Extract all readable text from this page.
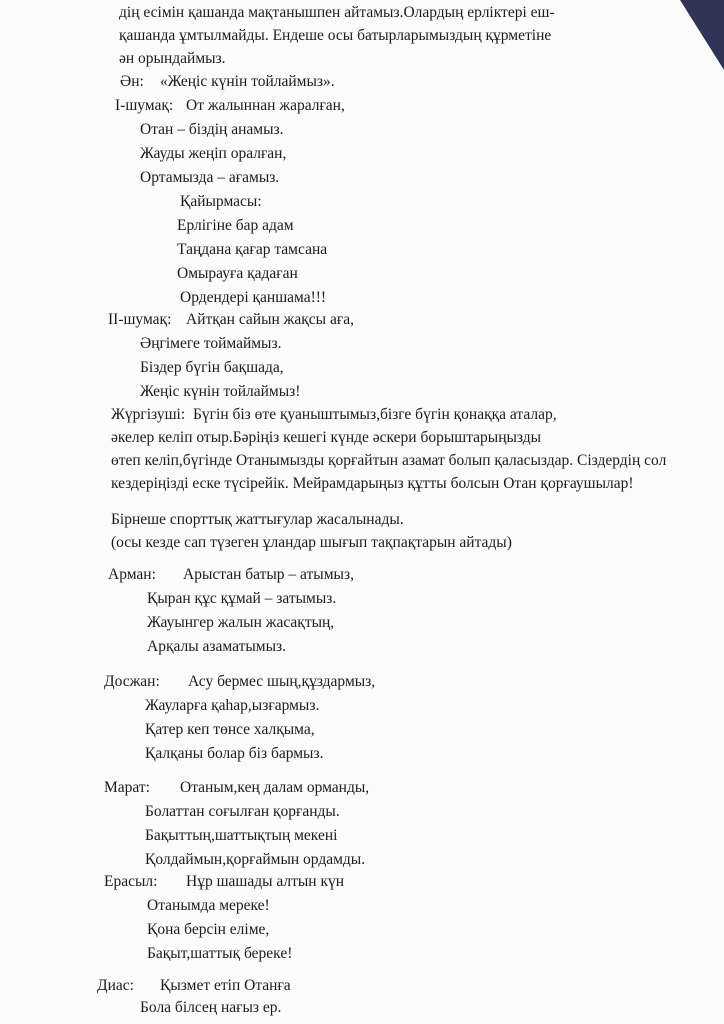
дің есімін қашанда мақтанышпен айтамыз.Олардың ерліктері еш-
қашанда ұмтылмайды. Ендеше осы батырларымыздың құрметіне
ән орындаймыз.
Ән: «Жеңіс күнін тойлаймыз».
І-шумақ: От жалыннан жаралған,
Отан – біздің анамыз.
Жауды жеңіп оралған,
Ортамызда – ағамыз.
Қайырмасы:
Ерлігіне бар адам
Таңдана қағар тамсана
Омырауға қадаған
Ордендері қаншама!!!
ІІ-шумақ: Айтқан сайын жақсы аға,
Әңгімеге тоймаймыз.
Біздер бүгін бақшада,
Жеңіс күнін тойлаймыз!
Жүргізуші: Бүгін біз өте қуаныштымыз,бізге бүгін қонаққа аталар,
әкелер келіп отыр.Бәріңіз кешегі күнде әскери борыштарыңызды
өтеп келіп,бүгінде Отанымызды қорғайтын азамат болып қаласыздар. Сіздердің сол
кездеріңізді еске түсірейік. Мейрамдарыңыз құтты болсын Отан қорғаушылар!
Бірнеше спорттық жаттығулар жасалынады.
(осы кезде сап түзеген ұландар шығып тақпақтарын айтады)
Арман: Арыстан батыр – атымыз,
Қыран құс құмай – затымыз.
Жауынгер жалын жасақтың,
Арқалы азаматымыз.
Досжан: Асу бермес шың,құздармыз,
Жауларға қаһар,ызғармыз.
Қатер кеп төнсе халқыма,
Қалқаны болар біз бармыз.
Марат: Отаным,кең далам орманды,
Болаттан соғылған қорғанды.
Бақыттың,шаттықтың мекені
Қолдаймын,қорғаймын ордамды.
Ерасыл: Нұр шашады алтын күн
Отанымда мереке!
Қона берсін еліме,
Бақыт,шаттық береке!
Диас: Қызмет етіп Отанға
Бола білсең нағыз ер.
